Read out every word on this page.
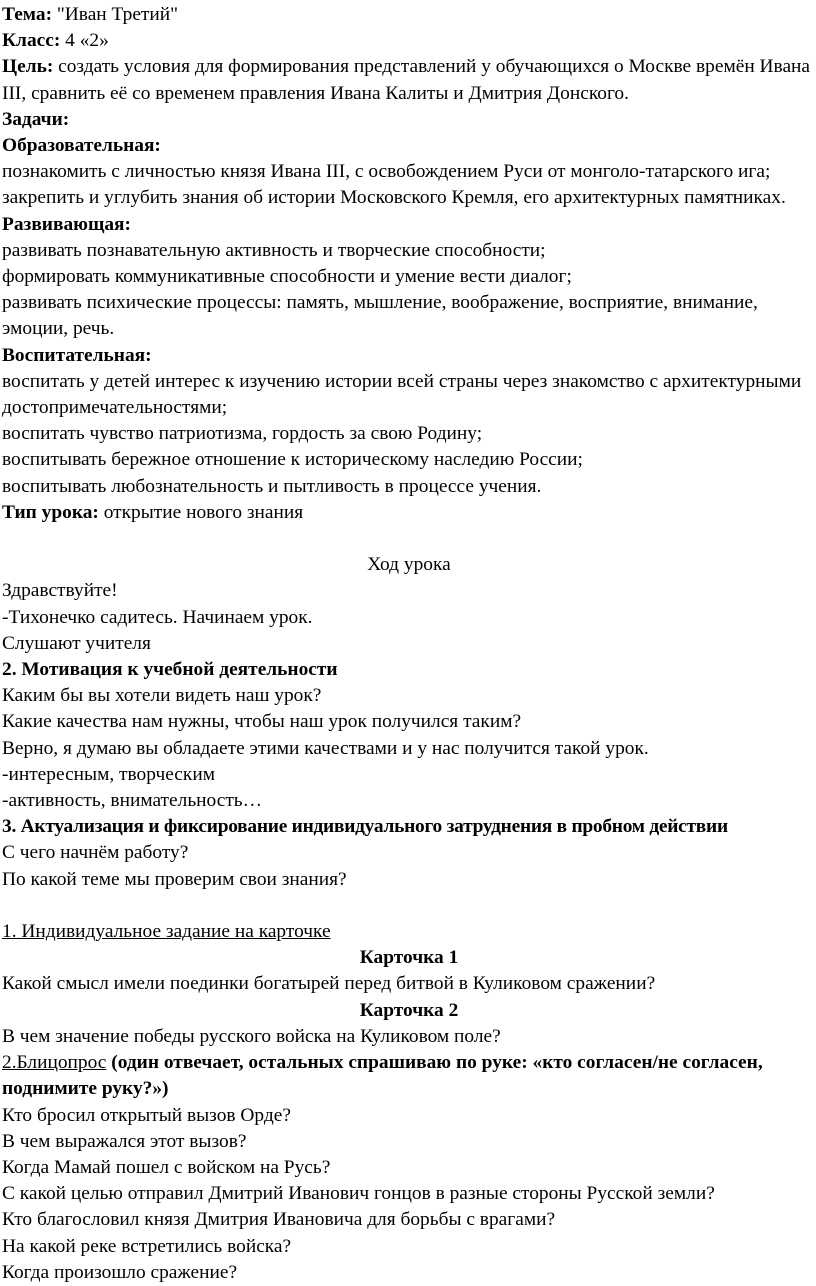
Тема: "Иван Третий"
Класс: 4 «2»
Цель: создать условия для формирования представлений у обучающихся о Москве времён Ивана III, сравнить её со временем правления Ивана Калиты и Дмитрия Донского.
Задачи:
Образовательная:
познакомить с личностью князя Ивана III, с освобождением Руси от монголо-татарского ига;
закрепить и углубить знания об истории Московского Кремля, его архитектурных памятниках.
Развивающая:
развивать познавательную активность и творческие способности;
формировать коммуникативные способности и умение вести диалог;
развивать психические процессы: память, мышление, воображение, восприятие, внимание, эмоции, речь.
Воспитательная:
воспитать у детей интерес к изучению истории всей страны через знакомство с архитектурными достопримечательностями;
воспитать чувство патриотизма, гордость за свою Родину;
воспитывать бережное отношение к историческому наследию России;
воспитывать любознательность и пытливость в процессе учения.
Тип урока: открытие нового знания
Ход урока
Здравствуйте!
-Тихонечко садитесь. Начинаем урок.
Слушают учителя
2. Мотивация к учебной деятельности
Каким бы вы хотели видеть наш урок?
Какие качества нам нужны, чтобы наш урок получился таким?
Верно, я думаю вы обладаете этими качествами и у нас получится такой урок.
-интересным, творческим
-активность, внимательность…
3. Актуализация и фиксирование индивидуального затруднения в пробном действии
С чего начнём работу?
По какой теме мы проверим свои знания?
1. Индивидуальное задание на карточке
Карточка 1
Какой смысл имели поединки богатырей перед битвой в Куликовом сражении?
Карточка 2
В чем значение победы русского войска на Куликовом поле?
2.Блицопрос (один отвечает, остальных спрашиваю по руке: «кто согласен/не согласен, поднимите руку?»)
Кто бросил открытый вызов Орде?
В чем выражался этот вызов?
Когда Мамай пошел с войском на Русь?
С какой целью отправил Дмитрий Иванович гонцов в разные стороны Русской земли?
Кто благословил князя Дмитрия Ивановича для борьбы с врагами?
На какой реке встретились войска?
Когда произошло сражение?
